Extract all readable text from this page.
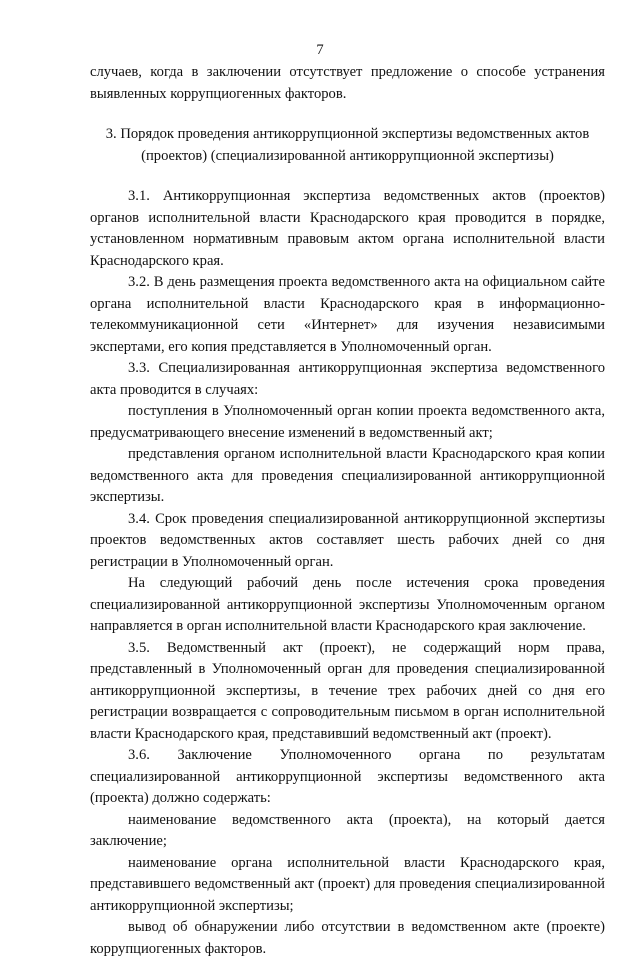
7

случаев, когда в заключении отсутствует предложение о способе устранения выявленных коррупциогенных факторов.

3. Порядок проведения антикоррупционной экспертизы ведомственных актов (проектов) (специализированной антикоррупционной экспертизы)

3.1. Антикоррупционная экспертиза ведомственных актов (проектов) органов исполнительной власти Краснодарского края проводится в порядке, установленном нормативным правовым актом органа исполнительной власти Краснодарского края.

3.2. В день размещения проекта ведомственного акта на официальном сайте органа исполнительной власти Краснодарского края в информационно-телекоммуникационной сети «Интернет» для изучения независимыми экспертами, его копия представляется в Уполномоченный орган.

3.3. Специализированная антикоррупционная экспертиза ведомственного акта проводится в случаях:

поступления в Уполномоченный орган копии проекта ведомственного акта, предусматривающего внесение изменений в ведомственный акт;

представления органом исполнительной власти Краснодарского края копии ведомственного акта для проведения специализированной антикоррупционной экспертизы.

3.4. Срок проведения специализированной антикоррупционной экспертизы проектов ведомственных актов составляет шесть рабочих дней со дня регистрации в Уполномоченный орган.

На следующий рабочий день после истечения срока проведения специализированной антикоррупционной экспертизы Уполномоченным органом направляется в орган исполнительной власти Краснодарского края заключение.

3.5. Ведомственный акт (проект), не содержащий норм права, представленный в Уполномоченный орган для проведения специализированной антикоррупционной экспертизы, в течение трех рабочих дней со дня его регистрации возвращается с сопроводительным письмом в орган исполнительной власти Краснодарского края, представивший ведомственный акт (проект).

3.6. Заключение Уполномоченного органа по результатам специализированной антикоррупционной экспертизы ведомственного акта (проекта) должно содержать:

наименование ведомственного акта (проекта), на который дается заключение;

наименование органа исполнительной власти Краснодарского края, представившего ведомственный акт (проект) для проведения специализированной антикоррупционной экспертизы;

вывод об обнаружении либо отсутствии в ведомственном акте (проекте) коррупциогенных факторов.
